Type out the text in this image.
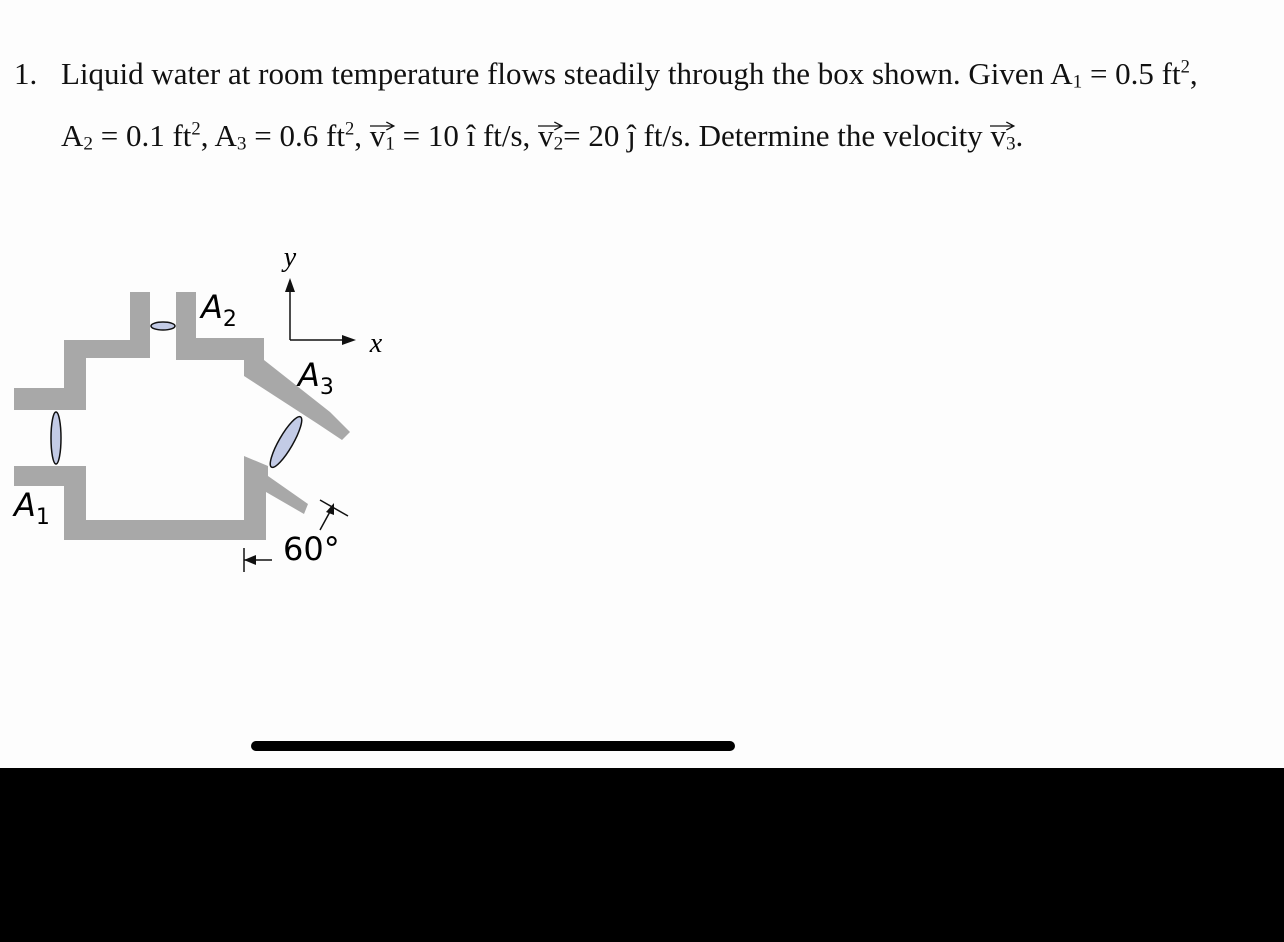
1. Liquid water at room temperature flows steadily through the box shown. Given A1 = 0.5 $ft^2$,
A2 = 0.1 $ft^2$, A3 = 0.6 $ft^2$,
v1 = 10 î ft/s,
v2= 20 ĵ ft/s. Determine the velocity
v3.
y
x
$A_2$
$A_3$
$A_1$
60°
